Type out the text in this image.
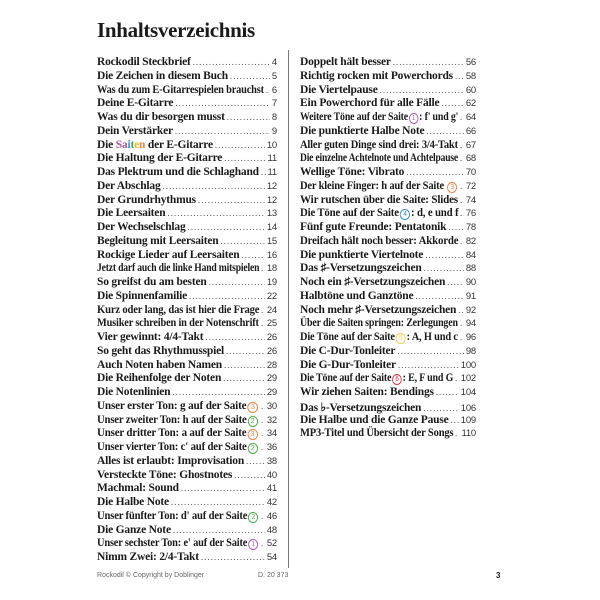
Inhaltsverzeichnis
Rockodil Steckbrief .....	4
Die Zeichen in diesem Buch .....	5
Was du zum E-Gitarrespielen brauchst ..... 6
Deine E-Gitarre .....	7
Was du dir besorgen musst .....	8
Dein Verstärker .....	9
Die Saiten der E-Gitarre .....	10
Die Haltung der E-Gitarre .....	11
Das Plektrum und die Schlaghand ..... 11
Der Abschlag .....	12
Der Grundrhythmus .....	12
Die Leersaiten .....	13
Der Wechselschlag .....	14
Begleitung mit Leersaiten .....	15
Rockige Lieder auf Leersaiten .....	16
Jetzt darf auch die linke Hand mitspielen ..... 18
So greifst du am besten .....	19
Die Spinnenfamilie .....	22
Kurz oder lang, das ist hier die Frage ..... 24
Musiker schreiben in der Notenschrift ..... 25
Vier gewinnt: 4/4-Takt .....	26
So geht das Rhythmusspiel .....	26
Auch Noten haben Namen .....	28
Die Reihenfolge der Noten .....	29
Die Notenlinien .....	29
Unser erster Ton: g auf der Saite 3 ..... 30
Unser zweiter Ton: h auf der Saite 2 ..... 32
Unser dritter Ton: a auf der Saite 3 ..... 34
Unser vierter Ton: c' auf der Saite 2 ..... 36
Alles ist erlaubt: Improvisation ..... 38
Versteckte Töne: Ghostnotes .....	40
Machmal: Sound .....	41
Die Halbe Note .....	42
Unser fünfter Ton: d' auf der Saite 2 ..... 46
Die Ganze Note .....	48
Unser sechster Ton: e' auf der Saite 1 ..... 52
Nimm Zwei: 2/4-Takt .....	54
Doppelt hält besser .....	56
Richtig rocken mit Powerchords ..... 58
Die Viertelpause .....	60
Ein Powerchord für alle Fälle .....	62
Weitere Töne auf der Saite 1 : f' und g' ..... 64
Die punktierte Halbe Note .....	66
Aller guten Dinge sind drei: 3/4-Takt ..... 67
Die einzelne Achtelnote und Achtelpause ..... 68
Wellige Töne: Vibrato .....	70
Der kleine Finger: h auf der Saite 3 ..... 72
Wir rutschen über die Saite: Slides ..... 74
Die Töne auf der Saite 4 : d, e und f ..... 76
Fünf gute Freunde: Pentatonik ..... 78
Dreifach hält noch besser: Akkorde ..... 82
Die punktierte Viertelnote .....	84
Das ♯-Versetzungszeichen .....	88
Noch ein ♯-Versetzungszeichen ..... 90
Halbtöne und Ganztöne .....	91
Noch mehr ♯-Versetzungszeichen ..... 92
Über die Saiten springen: Zerlegungen ..... 94
Die Töne auf der Saite 5 : A, H und c ..... 96
Die C-Dur-Tonleiter .....	98
Die G-Dur-Tonleiter .....	100
Die Töne auf der Saite 6 : E, F und G ..... 102
Wir ziehen Saiten: Bendings .....	104
Das ♭-Versetzungszeichen .....	106
Die Halbe und die Ganze Pause ..... 109
MP3-Titel und Übersicht der Songs ..... 110
Rockodil © Copyright by Doblinger	D. 20 373	3
